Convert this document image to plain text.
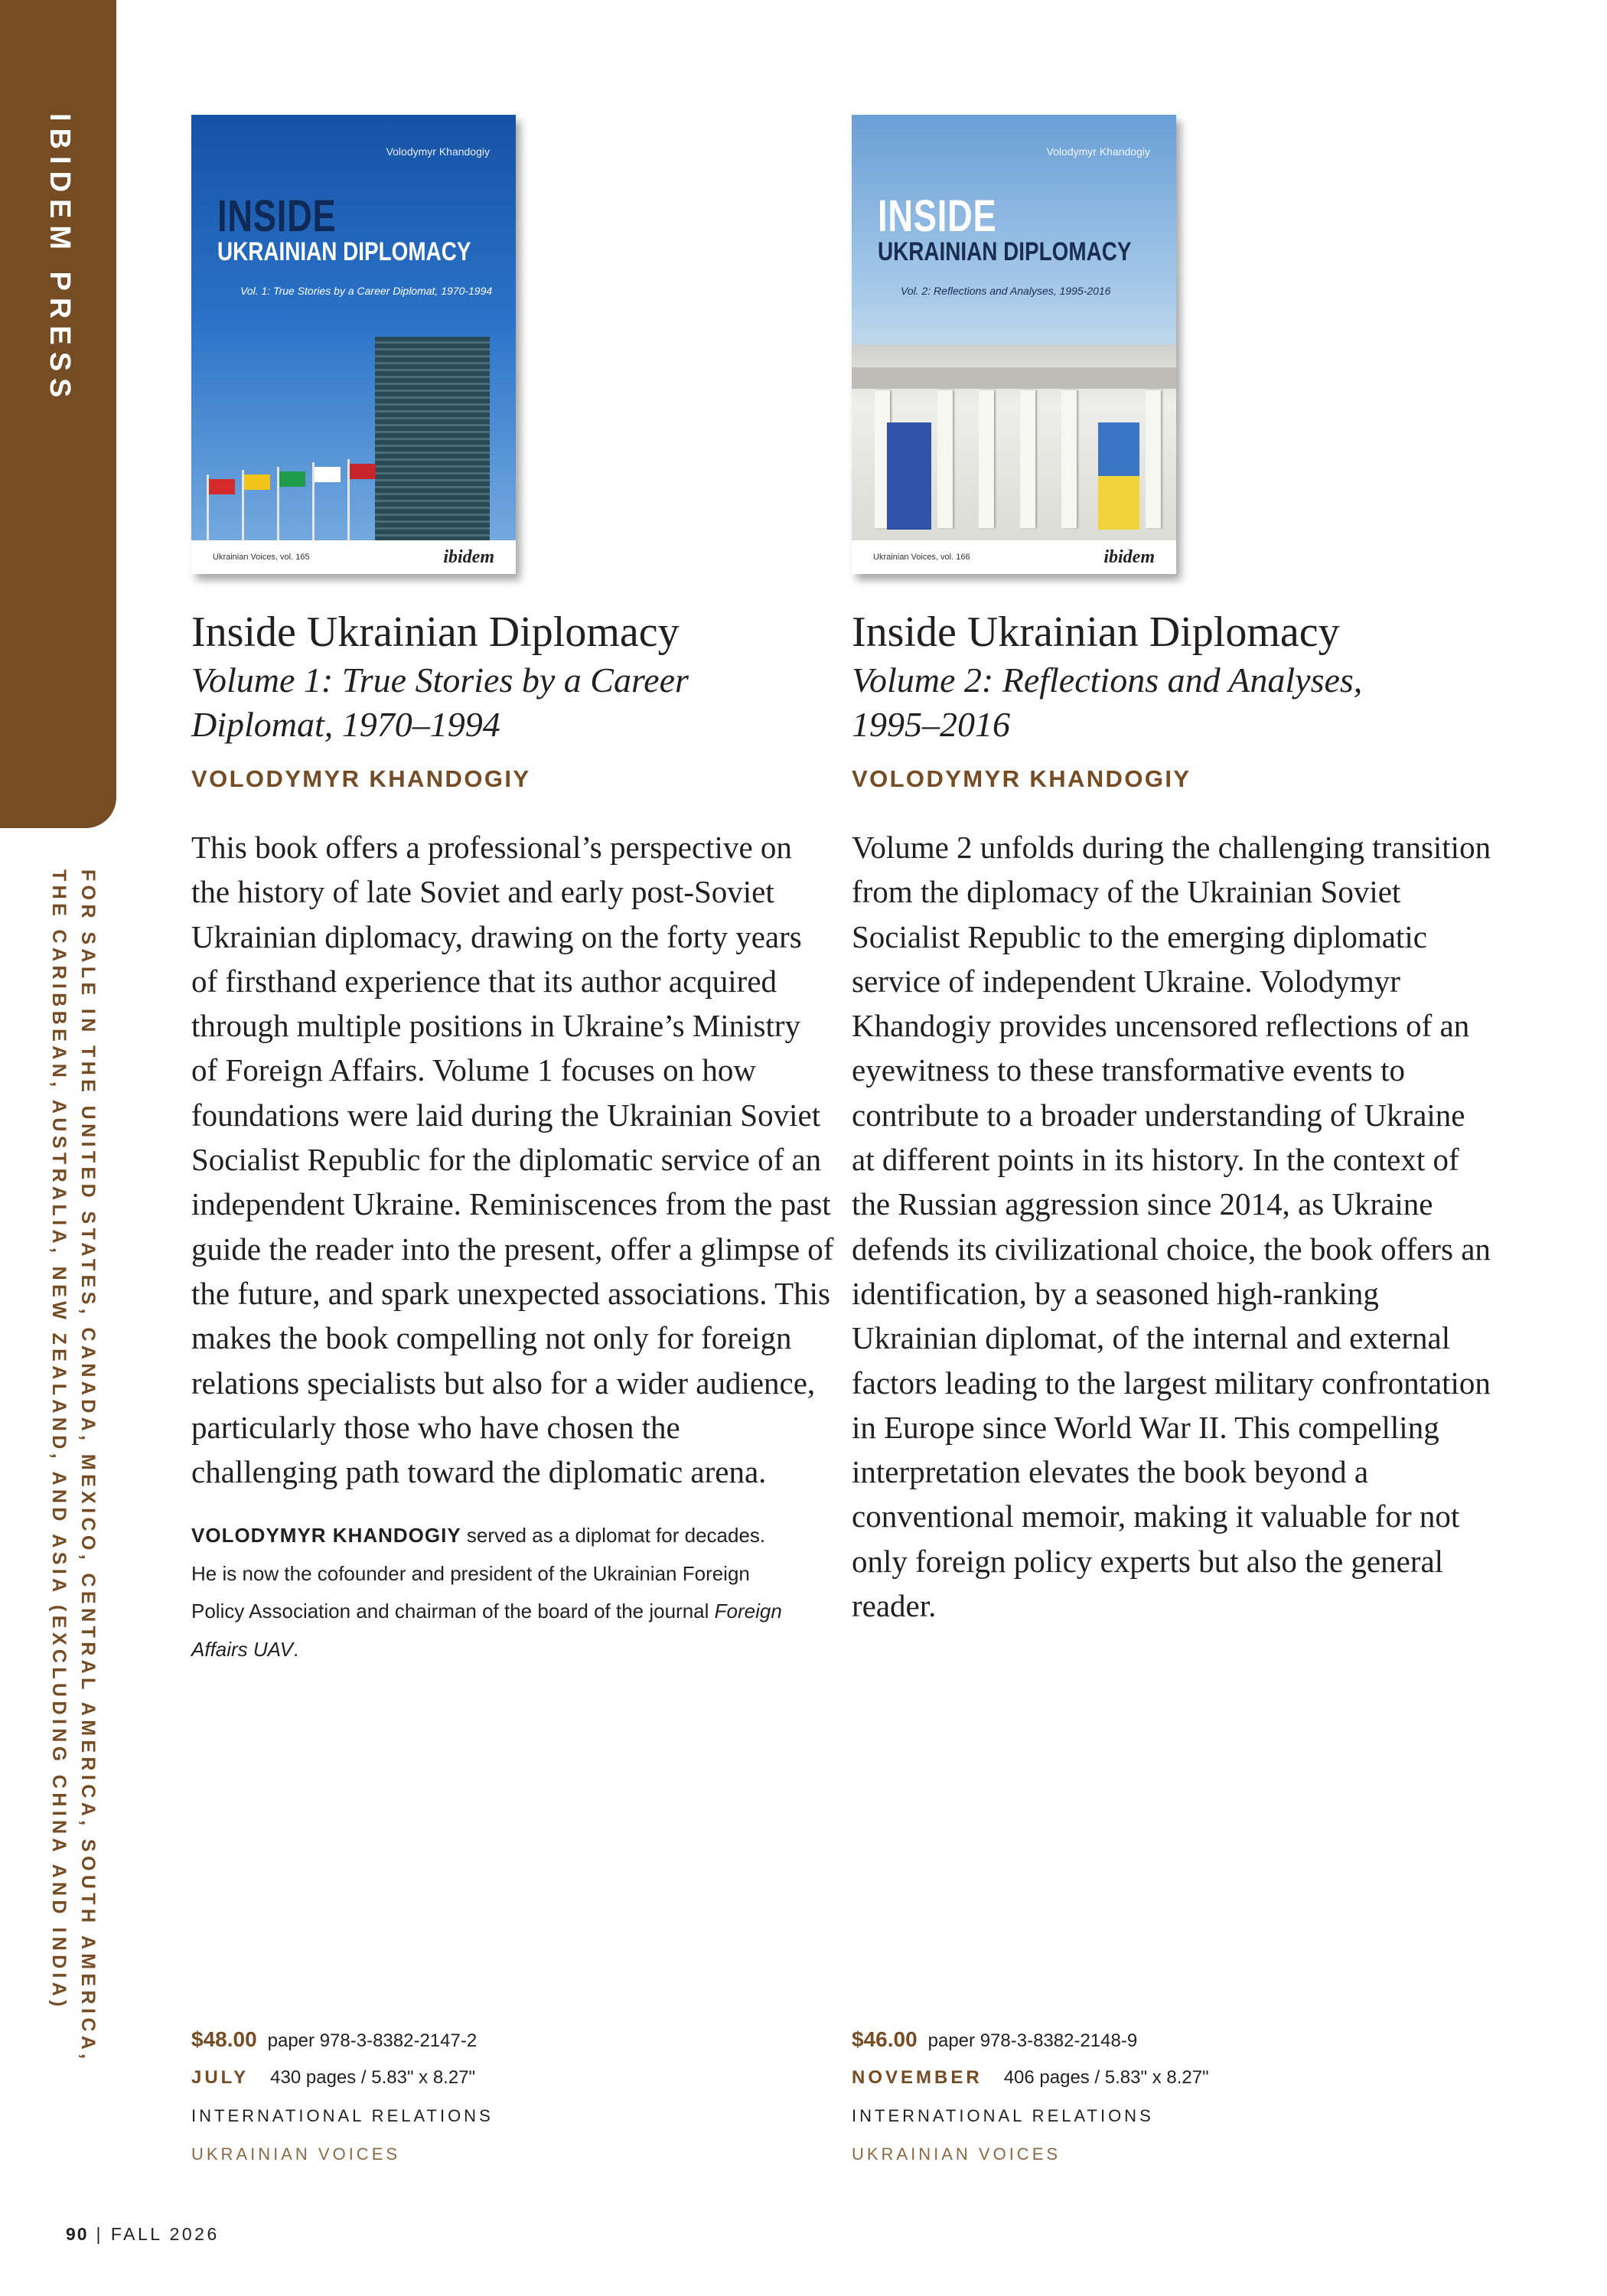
IBIDEM PRESS
FOR SALE IN THE UNITED STATES, CANADA, MEXICO, CENTRAL AMERICA, SOUTH AMERICA, THE CARIBBEAN, AUSTRALIA, NEW ZEALAND, AND ASIA (EXCLUDING CHINA AND INDIA)
Volodymyr Khandogiy
INSIDE
UKRAINIAN DIPLOMACY
Vol. 1: True Stories by a Career Diplomat, 1970-1994
Ukrainian Voices, vol. 165	ibidem
Inside Ukrainian Diplomacy
Volume 1: True Stories by a Career
Diplomat, 1970–1994
VOLODYMYR KHANDOGIY
This book offers a professional’s perspective on the history of late Soviet and early post-Soviet Ukrainian diplomacy, drawing on the forty years of firsthand experience that its author acquired through multiple positions in Ukraine’s Ministry of Foreign Affairs. Volume 1 focuses on how foundations were laid during the Ukrainian Soviet Socialist Republic for the diplomatic service of an independent Ukraine. Reminiscences from the past guide the reader into the present, offer a glimpse of the future, and spark unexpected associations. This makes the book compelling not only for foreign relations specialists but also for a wider audience, particularly those who have chosen the challenging path toward the diplomatic arena.
VOLODYMYR KHANDOGIY served as a diplomat for decades. He is now the cofounder and president of the Ukrainian Foreign Policy Association and chairman of the board of the journal Foreign Affairs UAV.
$48.00 paper 978-3-8382-2147-2
JULY 430 pages / 5.83" x 8.27"
INTERNATIONAL RELATIONS
UKRAINIAN VOICES
Volodymyr Khandogiy
INSIDE
UKRAINIAN DIPLOMACY
Vol. 2: Reflections and Analyses, 1995-2016
Ukrainian Voices, vol. 166	ibidem
Inside Ukrainian Diplomacy
Volume 2: Reflections and Analyses,
1995–2016
VOLODYMYR KHANDOGIY
Volume 2 unfolds during the challenging transition from the diplomacy of the Ukrainian Soviet Socialist Republic to the emerging diplomatic service of independent Ukraine. Volodymyr Khandogiy provides uncensored reflections of an eyewitness to these transformative events to contribute to a broader understanding of Ukraine at different points in its history. In the context of the Russian aggression since 2014, as Ukraine defends its civilizational choice, the book offers an identification, by a seasoned high-ranking Ukrainian diplomat, of the internal and external factors leading to the largest military confrontation in Europe since World War II. This compelling interpretation elevates the book beyond a conventional memoir, making it valuable for not only foreign policy experts but also the general reader.
$46.00 paper 978-3-8382-2148-9
NOVEMBER 406 pages / 5.83" x 8.27"
INTERNATIONAL RELATIONS
UKRAINIAN VOICES
90 | FALL 2026
